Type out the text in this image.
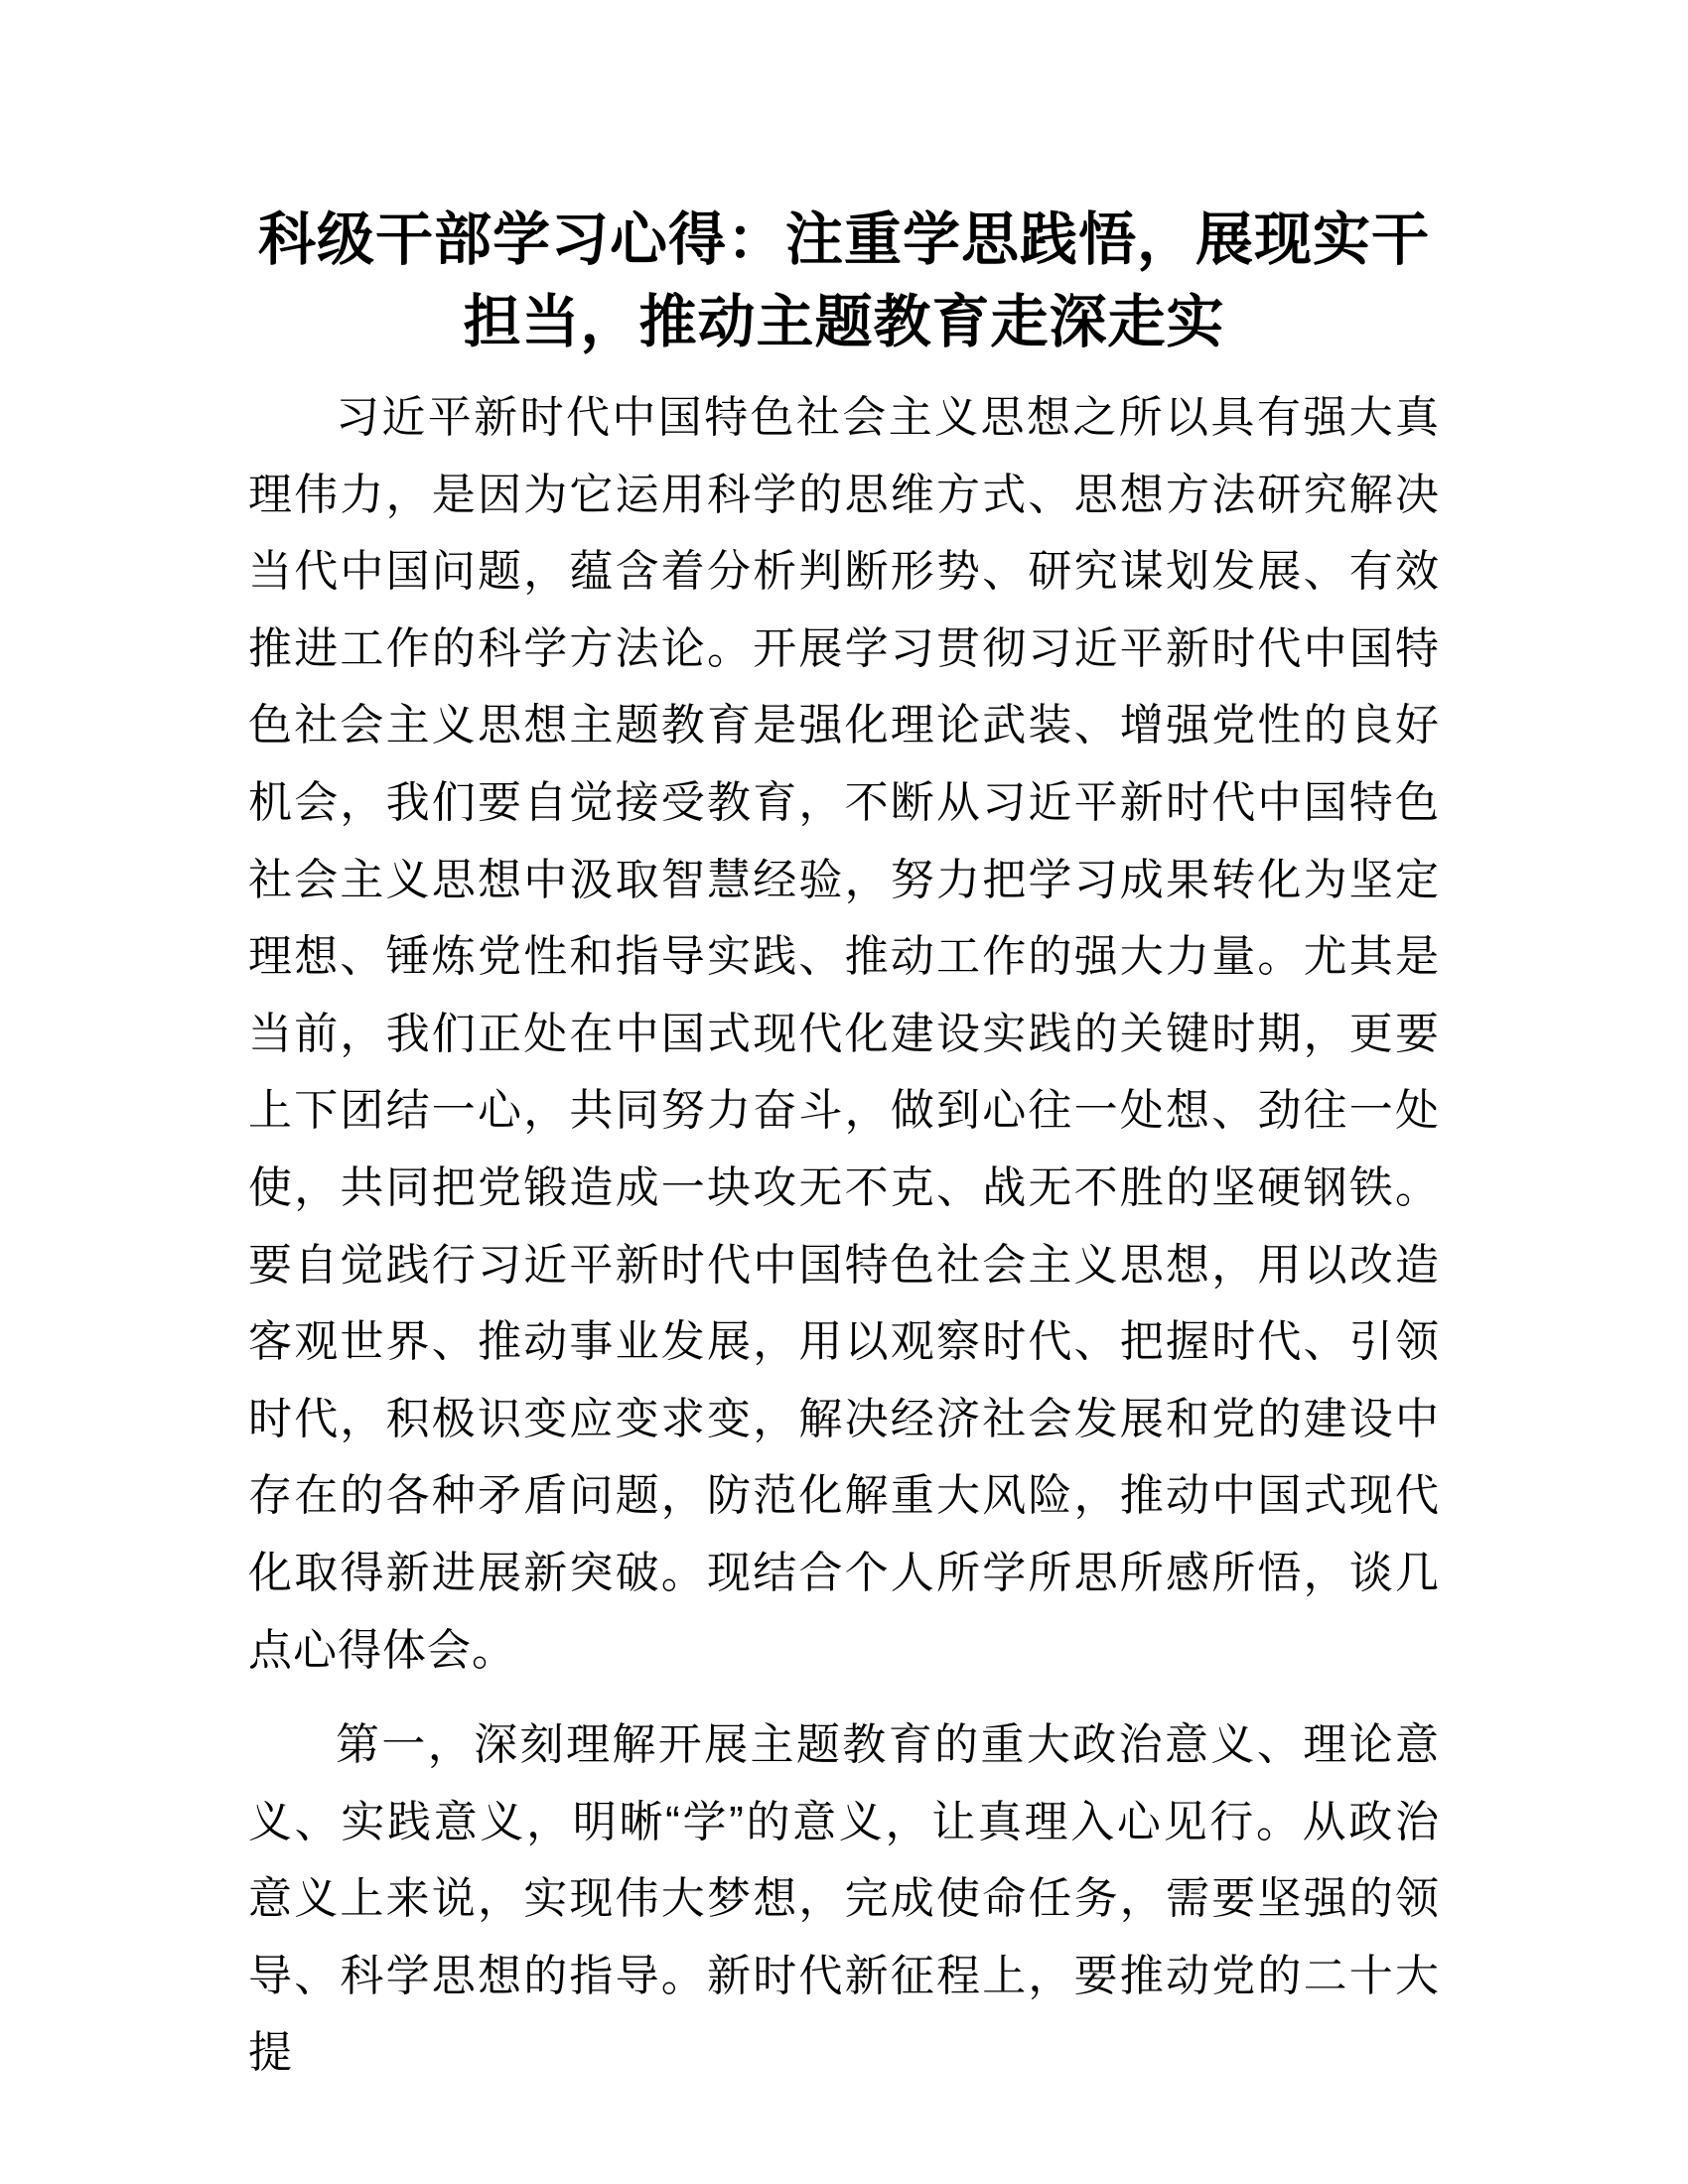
科级干部学习心得：注重学思践悟，展现实干
担当，推动主题教育走深走实

习近平新时代中国特色社会主义思想之所以具有强大真理伟力，是因为它运用科学的思维方式、思想方法研究解决当代中国问题，蕴含着分析判断形势、研究谋划发展、有效推进工作的科学方法论。开展学习贯彻习近平新时代中国特色社会主义思想主题教育是强化理论武装、增强党性的良好机会，我们要自觉接受教育，不断从习近平新时代中国特色社会主义思想中汲取智慧经验，努力把学习成果转化为坚定理想、锤炼党性和指导实践、推动工作的强大力量。尤其是当前，我们正处在中国式现代化建设实践的关键时期，更要上下团结一心，共同努力奋斗，做到心往一处想、劲往一处使，共同把党锻造成一块攻无不克、战无不胜的坚硬钢铁。要自觉践行习近平新时代中国特色社会主义思想，用以改造客观世界、推动事业发展，用以观察时代、把握时代、引领时代，积极识变应变求变，解决经济社会发展和党的建设中存在的各种矛盾问题，防范化解重大风险，推动中国式现代化取得新进展新突破。现结合个人所学所思所感所悟，谈几点心得体会。

第一，深刻理解开展主题教育的重大政治意义、理论意义、实践意义，明晰“学”的意义，让真理入心见行。从政治意义上来说，实现伟大梦想，完成使命任务，需要坚强的领导、科学思想的指导。新时代新征程上，要推动党的二十大提
